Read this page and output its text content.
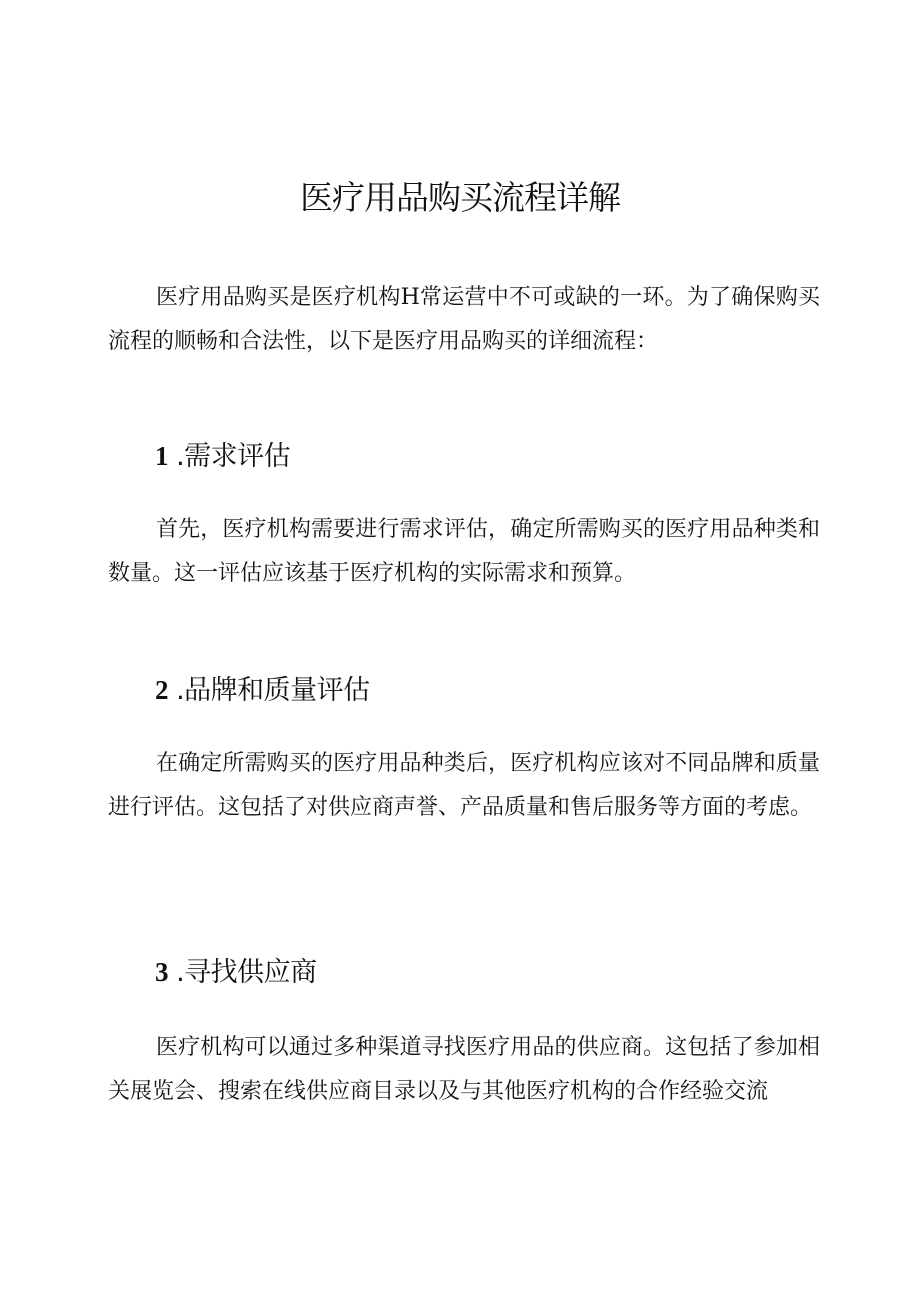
医疗用品购买流程详解

医疗用品购买是医疗机构H常运营中不可或缺的一环。为了确保购买流程的顺畅和合法性，以下是医疗用品购买的详细流程：

1 .需求评估

首先，医疗机构需要进行需求评估，确定所需购买的医疗用品种类和数量。这一评估应该基于医疗机构的实际需求和预算。

2 .品牌和质量评估

在确定所需购买的医疗用品种类后，医疗机构应该对不同品牌和质量进行评估。这包括了对供应商声誉、产品质量和售后服务等方面的考虑。

3 .寻找供应商

医疗机构可以通过多种渠道寻找医疗用品的供应商。这包括了参加相关展览会、搜索在线供应商目录以及与其他医疗机构的合作经验交流
